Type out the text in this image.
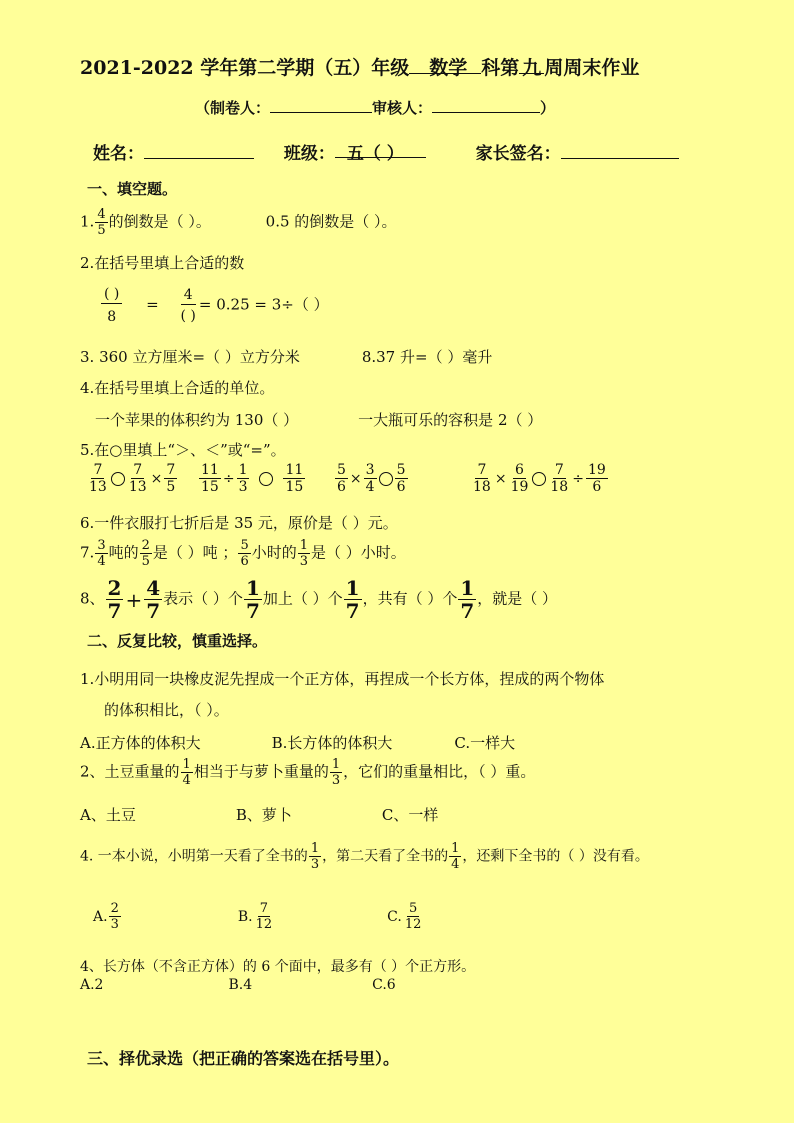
2021-2022 学年第二学期（五）年级 数学 科第 九 周周末作业
（制卷人：	审核人：	）
姓名：	班级： 五（ ）	家长签名：
一、填空题。
1. $\frac{4}{5}$ 的倒数是（ ）。	0.5 的倒数是（ ）。
2.在括号里填上合适的数
$\frac{( )}{8} = \frac{4}{( )} = 0.25 = 3\div$（ ）
3. 360 立方厘米=（ ）立方分米	8.37 升=（ ）毫升
4.在括号里填上合适的单位。
一个苹果的体积约为 130（ ）	一大瓶可乐的容积是 2（ ）
5.在○里填上“＞、＜”或“=”。
$\frac{7}{13} \frac{7}{13} \times \frac{7}{5} \frac{11}{15} \div \frac{1}{3} \frac{11}{15} \frac{5}{6} \times \frac{3}{4} \frac{5}{6}$	$\frac{7}{18} \times \frac{6}{19} \frac{7}{18} \div \frac{19}{6}$
6.一件衣服打七折后是 35 元，原价是（ ）元。
7. $\frac{3}{4}$ 吨的 $\frac{2}{5}$ 是（ ）吨 ； $\frac{5}{6}$ 小时的 $\frac{1}{3}$ 是（ ）小时。
8、 $\frac{2}{7} + \frac{4}{7}$ 表示（ ）个 $\frac{1}{7}$ 加上（ ）个 $\frac{1}{7}$ ，共有（ ）个 $\frac{1}{7}$ ，就是（ ）
二、反复比较，慎重选择。
1.小明用同一块橡皮泥先捏成一个正方体，再捏成一个长方体，捏成的两个物体
的体积相比，（ ）。
A.正方体的体积大	B.长方体的体积大	C.一样大
2、土豆重量的 $\frac{1}{4}$ 相当于与萝卜重量的 $\frac{1}{3}$ ，它们的重量相比，（ ）重。
A、土豆	B、萝卜	C、一样
4. 一本小说，小明第一天看了全书的 $\frac{1}{3}$ ，第二天看了全书的 $\frac{1}{4}$ ，还剩下全书的（ ）没有看。
A. $\frac{2}{3}$	B. $\frac{7}{12}$	C. $\frac{5}{12}$
4、长方体（不含正方体）的 6 个面中，最多有（ ）个正方形。
A.2	B.4	C.6
三、择优录选（把正确的答案选在括号里）。
